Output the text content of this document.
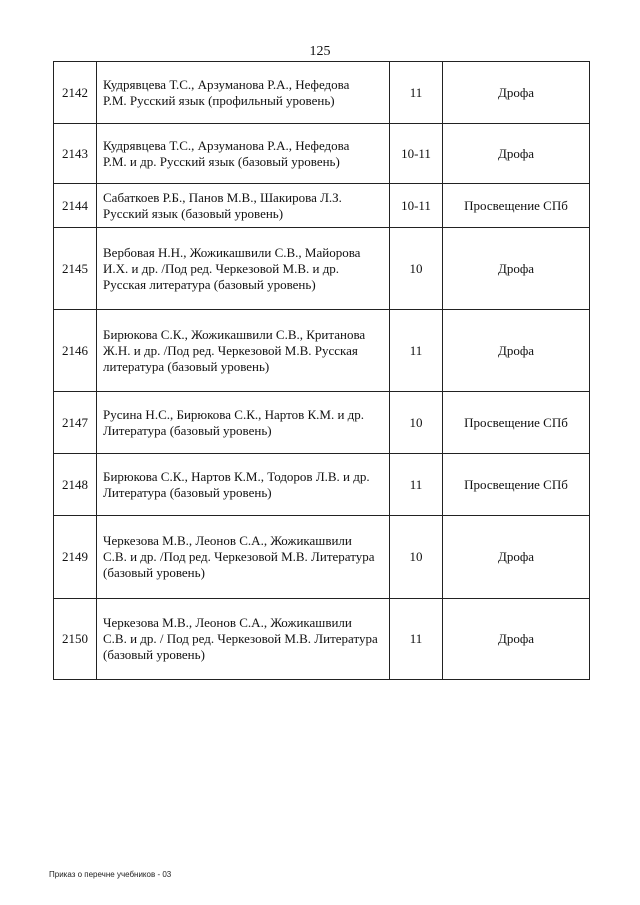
125
2142	Кудрявцева Т.С., Арзуманова Р.А., Нефедова
Р.М. Русский язык (профильный уровень)	11	Дрофа
2143	Кудрявцева Т.С., Арзуманова Р.А., Нефедова
Р.М. и др. Русский язык (базовый уровень)	10-11	Дрофа
2144	Сабаткоев Р.Б., Панов М.В., Шакирова Л.З.
Русский язык (базовый уровень)	10-11	Просвещение СПб
2145	Вербовая Н.Н., Жожикашвили С.В., Майорова
И.Х. и др. /Под ред. Черкезовой М.В. и др.
Русская литература (базовый уровень)	10	Дрофа
2146	Бирюкова С.К., Жожикашвили С.В., Кританова
Ж.Н. и др. /Под ред. Черкезовой М.В. Русская
литература (базовый уровень)	11	Дрофа
2147	Русина Н.С., Бирюкова С.К., Нартов К.М. и др.
Литература (базовый уровень)	10	Просвещение СПб
2148	Бирюкова С.К., Нартов К.М., Тодоров Л.В. и др.
Литература (базовый уровень)	11	Просвещение СПб
2149	Черкезова М.В., Леонов С.А., Жожикашвили
С.В. и др. /Под ред. Черкезовой М.В. Литература
(базовый уровень)	10	Дрофа
2150	Черкезова М.В., Леонов С.А., Жожикашвили
С.В. и др. / Под ред. Черкезовой М.В. Литература
(базовый уровень)	11	Дрофа
Приказ о перечне учебников - 03
